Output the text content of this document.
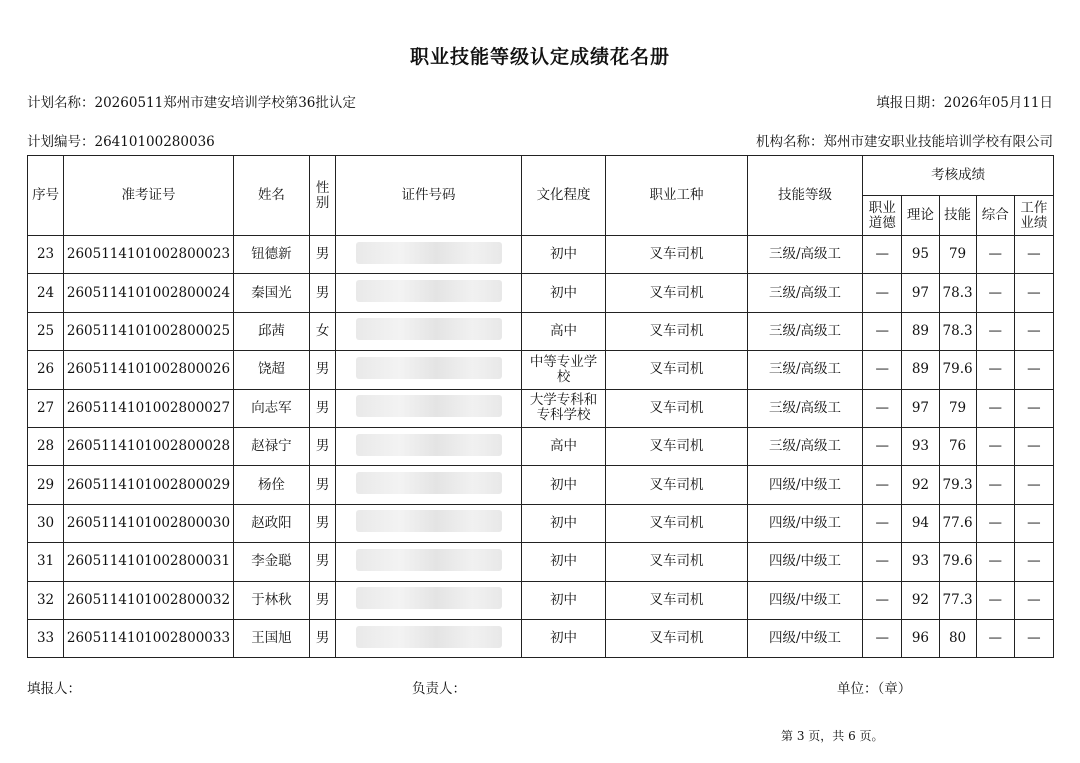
职业技能等级认定成绩花名册
计划名称：20260511郑州市建安培训学校第36批认定	填报日期：2026年05月11日
计划编号：26410100280036	机构名称：郑州市建安职业技能培训学校有限公司
序号	准考证号	姓名	性别	证件号码	文化程度	职业工种	技能等级	考核成绩				
								职业道德	理论	技能	综合	工作业绩
23	2605114101002800023	钮德新	男		初中	叉车司机	三级/高级工	—	95	79	—	—
24	2605114101002800024	秦国光	男		初中	叉车司机	三级/高级工	—	97	78.3	—	—
25	2605114101002800025	邱茜	女		高中	叉车司机	三级/高级工	—	89	78.3	—	—
26	2605114101002800026	饶超	男		中等专业学校	叉车司机	三级/高级工	—	89	79.6	—	—
27	2605114101002800027	向志军	男		大学专科和专科学校	叉车司机	三级/高级工	—	97	79	—	—
28	2605114101002800028	赵禄宁	男		高中	叉车司机	三级/高级工	—	93	76	—	—
29	2605114101002800029	杨佺	男		初中	叉车司机	四级/中级工	—	92	79.3	—	—
30	2605114101002800030	赵政阳	男		初中	叉车司机	四级/中级工	—	94	77.6	—	—
31	2605114101002800031	李金聪	男		初中	叉车司机	四级/中级工	—	93	79.6	—	—
32	2605114101002800032	于林秋	男		初中	叉车司机	四级/中级工	—	92	77.3	—	—
33	2605114101002800033	王国旭	男		初中	叉车司机	四级/中级工	—	96	80	—	—
填报人：	负责人：	单位：（章）
第 3 页，共 6 页。
